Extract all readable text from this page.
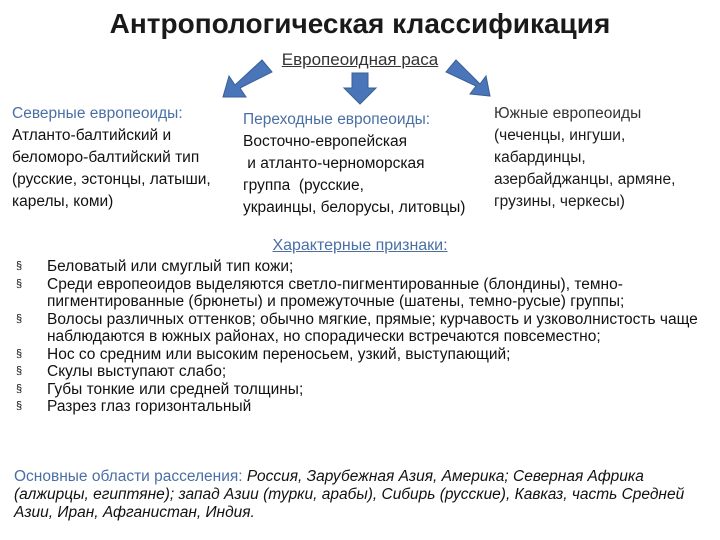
Антропологическая классификация
Европеоидная раса
Северные европеоиды:
Атланто-балтийский и
беломоро-балтийский тип
(русские, эстонцы, латыши,
карелы, коми)
Переходные европеоиды:
Восточно-европейская
и атланто-черноморская
группа  (русские,
украинцы, белорусы, литовцы)
Южные европеоиды
(чеченцы, ингуши,
кабардинцы,
азербайджанцы, армяне,
грузины, черкесы)
Характерные признаки:
§ Беловатый или смуглый тип кожи;
§ Среди европеоидов выделяются светло-пигментированные (блондины), темно-пигментированные (брюнеты) и промежуточные (шатены, темно-русые) группы;
§ Волосы различных оттенков; обычно мягкие, прямые; курчавость и узковолнистость чаще наблюдаются в южных районах, но спорадически встречаются повсеместно;
§ Нос со средним или высоким переносьем, узкий, выступающий;
§ Скулы выступают слабо;
§ Губы тонкие или средней толщины;
§ Разрез глаз горизонтальный
Основные области расселения: Россия, Зарубежная Азия, Америка; Северная Африка (алжирцы, египтяне); запад Азии (турки, арабы), Сибирь (русские), Кавказ, часть Средней Азии, Иран, Афганистан, Индия.
